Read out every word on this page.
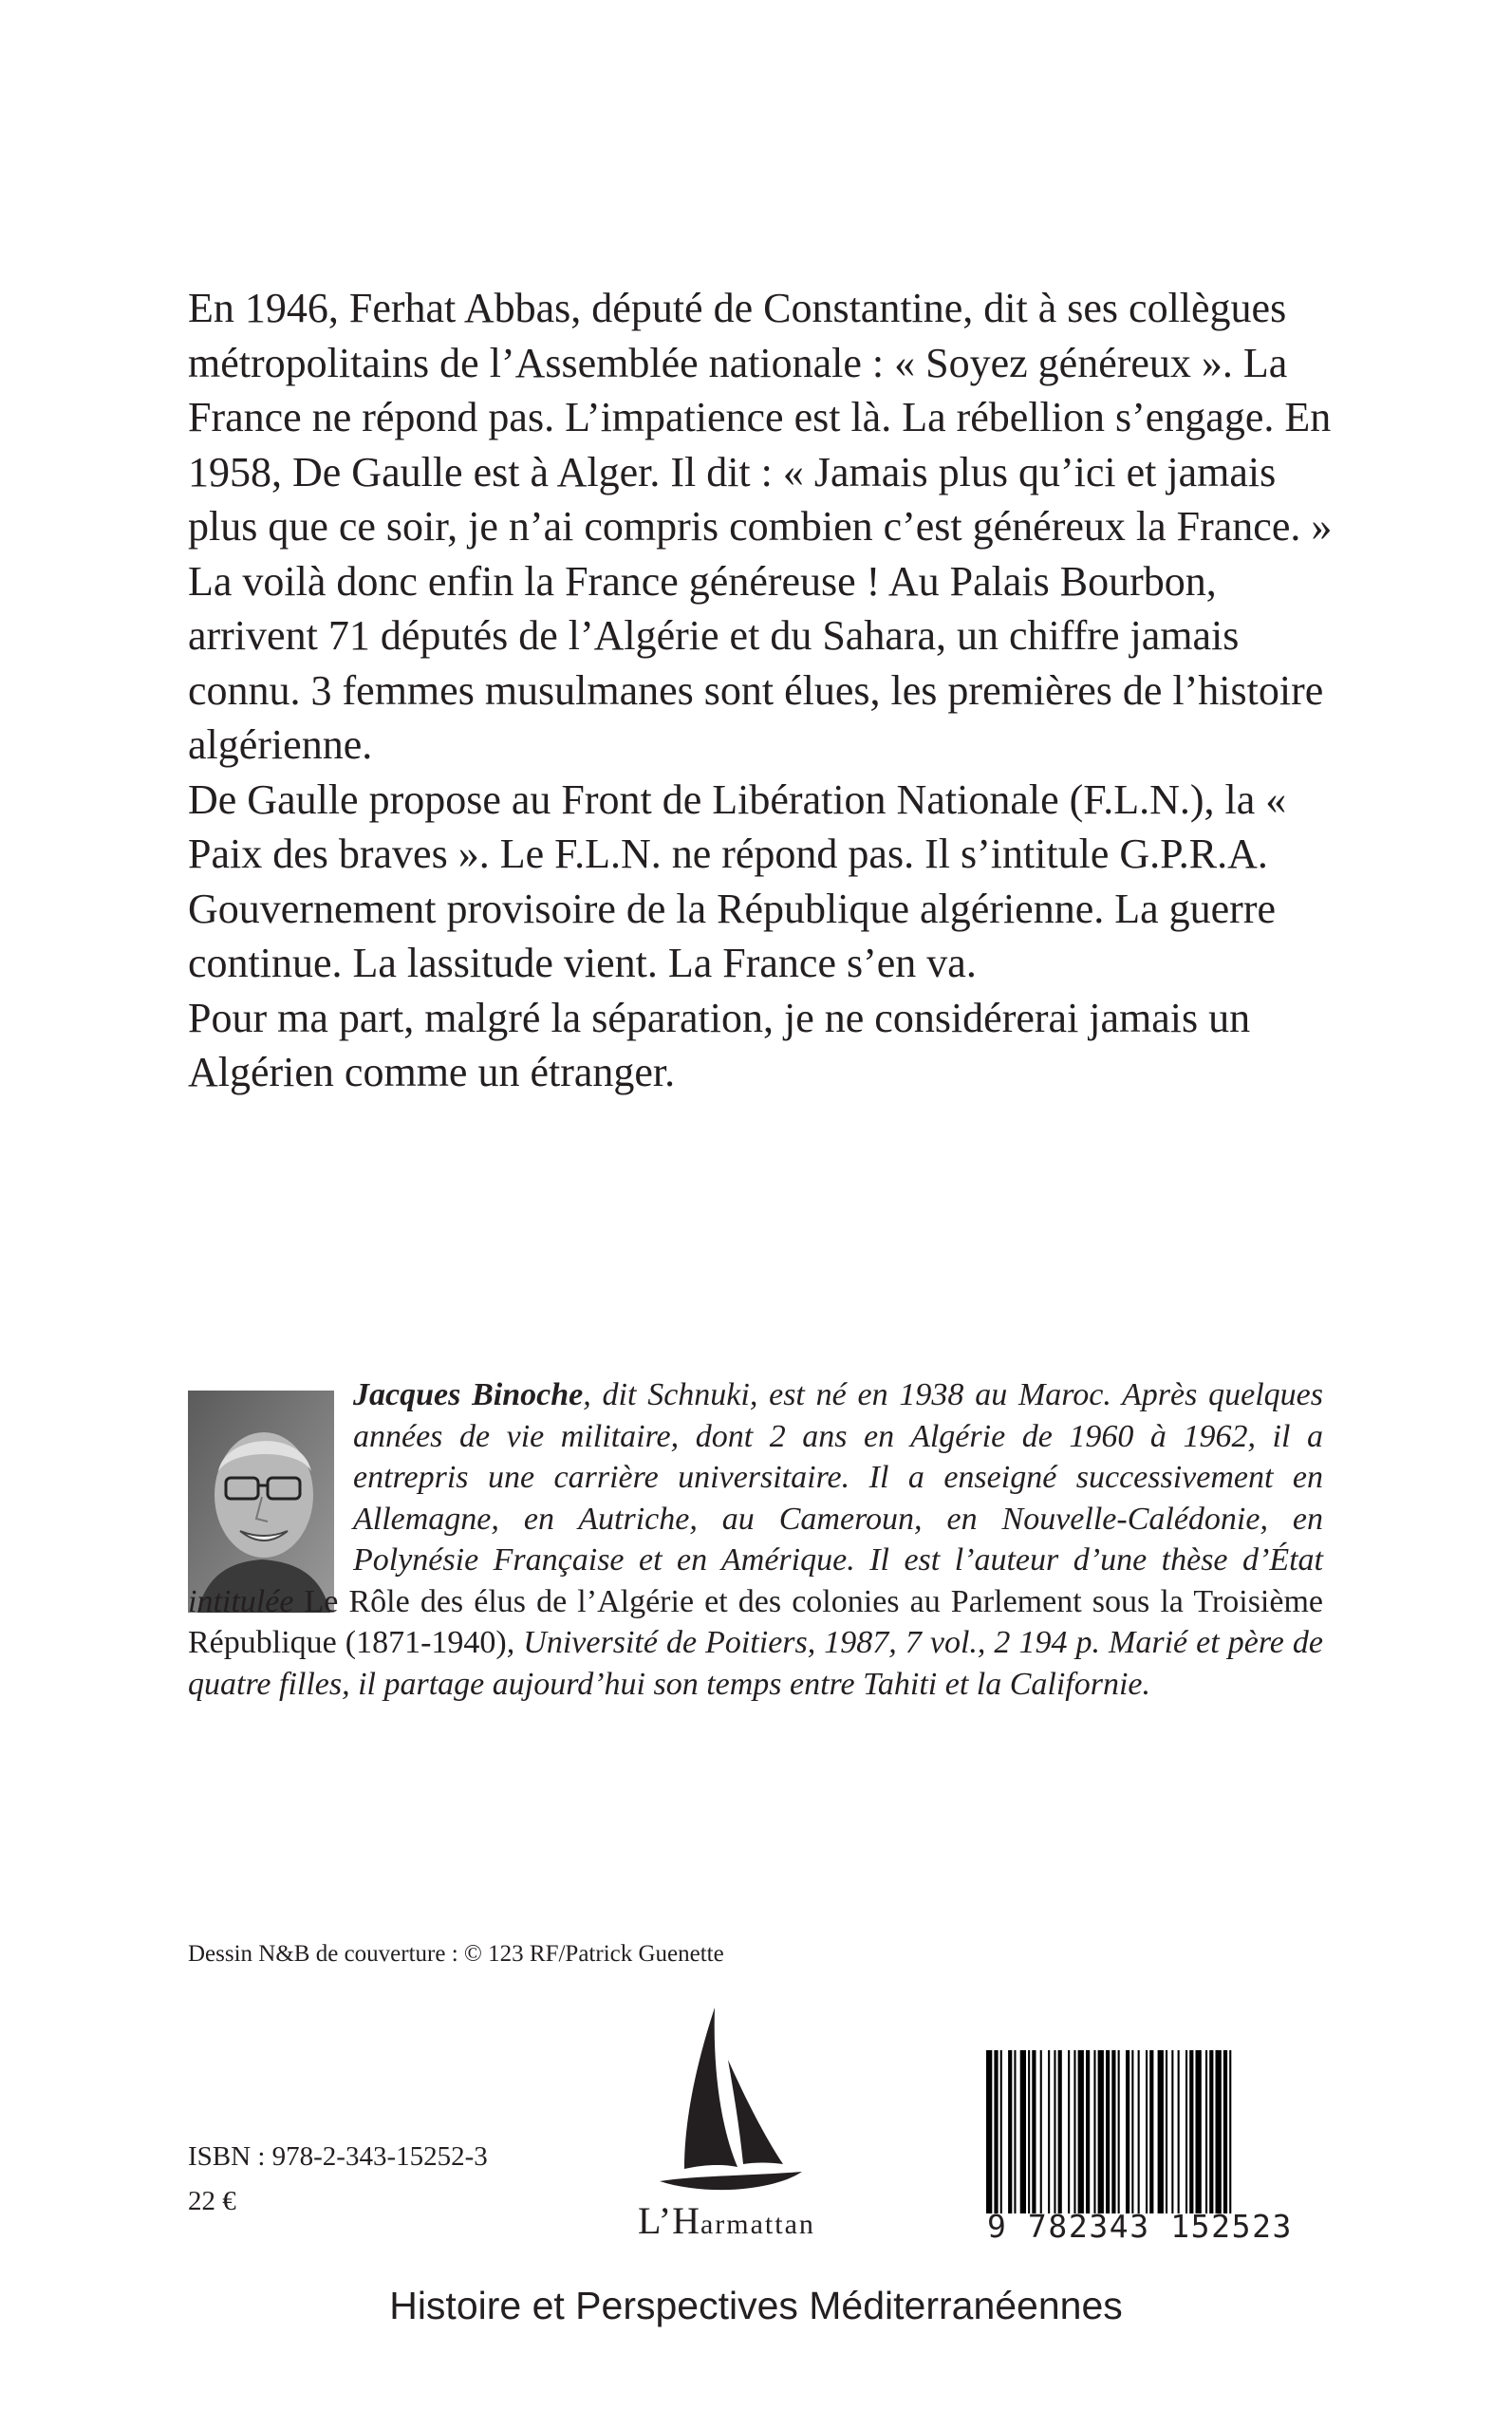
En 1946, Ferhat Abbas, député de Constantine, dit à ses collègues métropolitains de l’Assemblée nationale : « Soyez généreux ». La France ne répond pas. L’impatience est là. La rébellion s’engage. En 1958, De Gaulle est à Alger. Il dit : « Jamais plus qu’ici et jamais plus que ce soir, je n’ai compris combien c’est généreux la France. » La voilà donc enfin la France généreuse ! Au Palais Bourbon, arrivent 71 députés de l’Algérie et du Sahara, un chiffre jamais connu. 3 femmes musulmanes sont élues, les premières de l’histoire algérienne.

De Gaulle propose au Front de Libération Nationale (F.L.N.), la « Paix des braves ». Le F.L.N. ne répond pas. Il s’intitule G.P.R.A. Gouvernement provisoire de la République algérienne. La guerre continue. La lassitude vient. La France s’en va.

Pour ma part, malgré la séparation, je ne considérerai jamais un Algérien comme un étranger.

Jacques Binoche, dit Schnuki, est né en 1938 au Maroc. Après quelques années de vie militaire, dont 2 ans en Algérie de 1960 à 1962, il a entrepris une carrière universitaire. Il a enseigné successivement en Allemagne, en Autriche, au Cameroun, en Nouvelle-Calédonie, en Polynésie Française et en Amérique. Il est l’auteur d’une thèse d’État intitulée Le Rôle des élus de l’Algérie et des colonies au Parlement sous la Troisième République (1871-1940), Université de Poitiers, 1987, 7 vol., 2 194 p. Marié et père de quatre filles, il partage aujourd’hui son temps entre Tahiti et la Californie.

Dessin N&B de couverture : © 123 RF/Patrick Guenette
ISBN : 978-2-343-15252-3
22 €	L’Harmattan	9 782343 152523
Histoire et Perspectives Méditerranéennes
